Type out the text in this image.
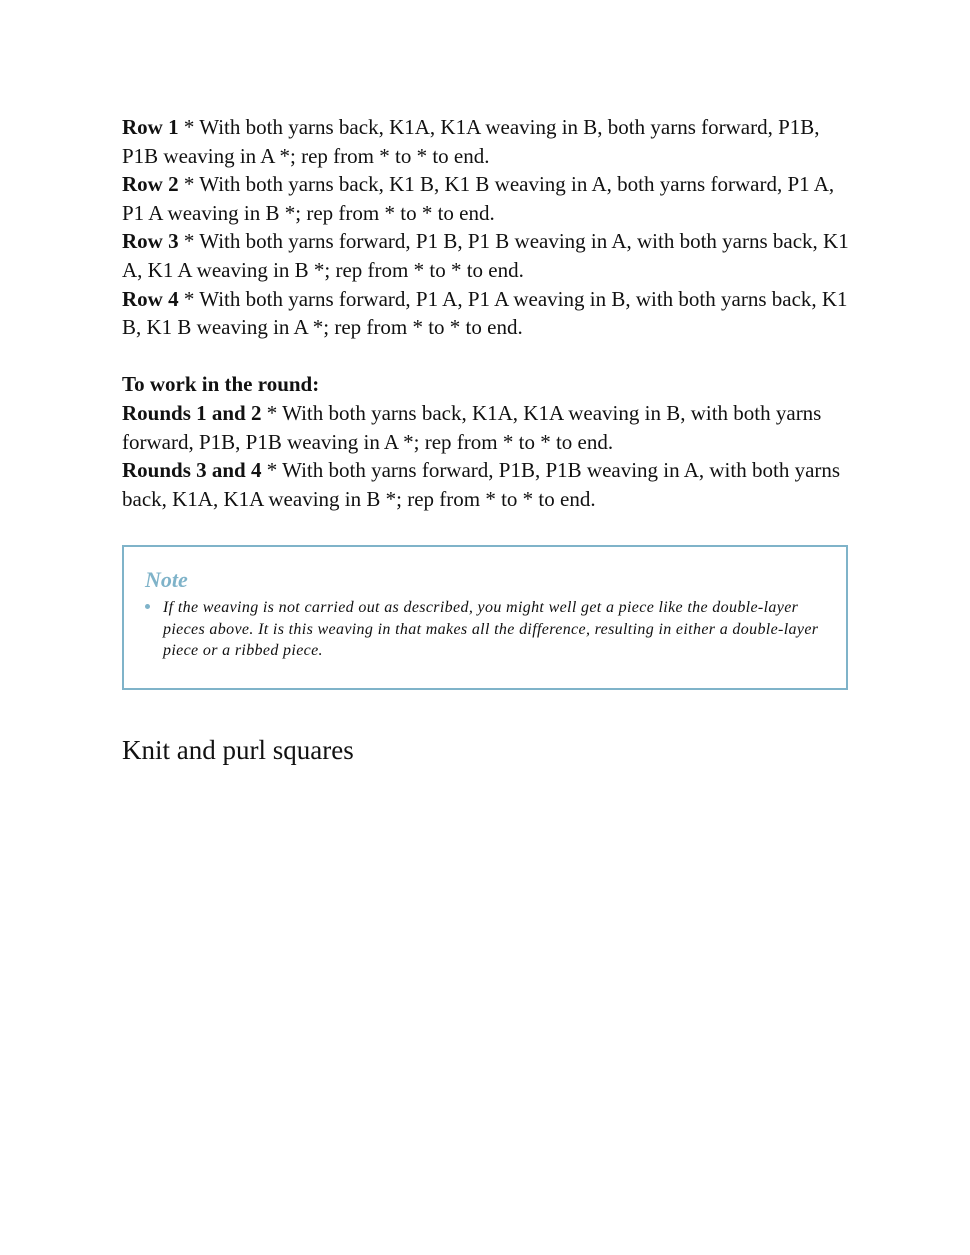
Row 1 * With both yarns back, K1A, K1A weaving in B, both yarns forward, P1B, P1B weaving in A *; rep from * to * to end.

Row 2 * With both yarns back, K1 B, K1 B weaving in A, both yarns forward, P1 A, P1 A weaving in B *; rep from * to * to end.

Row 3 * With both yarns forward, P1 B, P1 B weaving in A, with both yarns back, K1 A, K1 A weaving in B *; rep from * to * to end.

Row 4 * With both yarns forward, P1 A, P1 A weaving in B, with both yarns back, K1 B, K1 B weaving in A *; rep from * to * to end.

To work in the round:

Rounds 1 and 2 * With both yarns back, K1A, K1A weaving in B, with both yarns forward, P1B, P1B weaving in A *; rep from * to * to end.

Rounds 3 and 4 * With both yarns forward, P1B, P1B weaving in A, with both yarns back, K1A, K1A weaving in B *; rep from * to * to end.

Note
If the weaving is not carried out as described, you might well get a piece like the double-layer pieces above. It is this weaving in that makes all the difference, resulting in either a double-layer piece or a ribbed piece.
Knit and purl squares
